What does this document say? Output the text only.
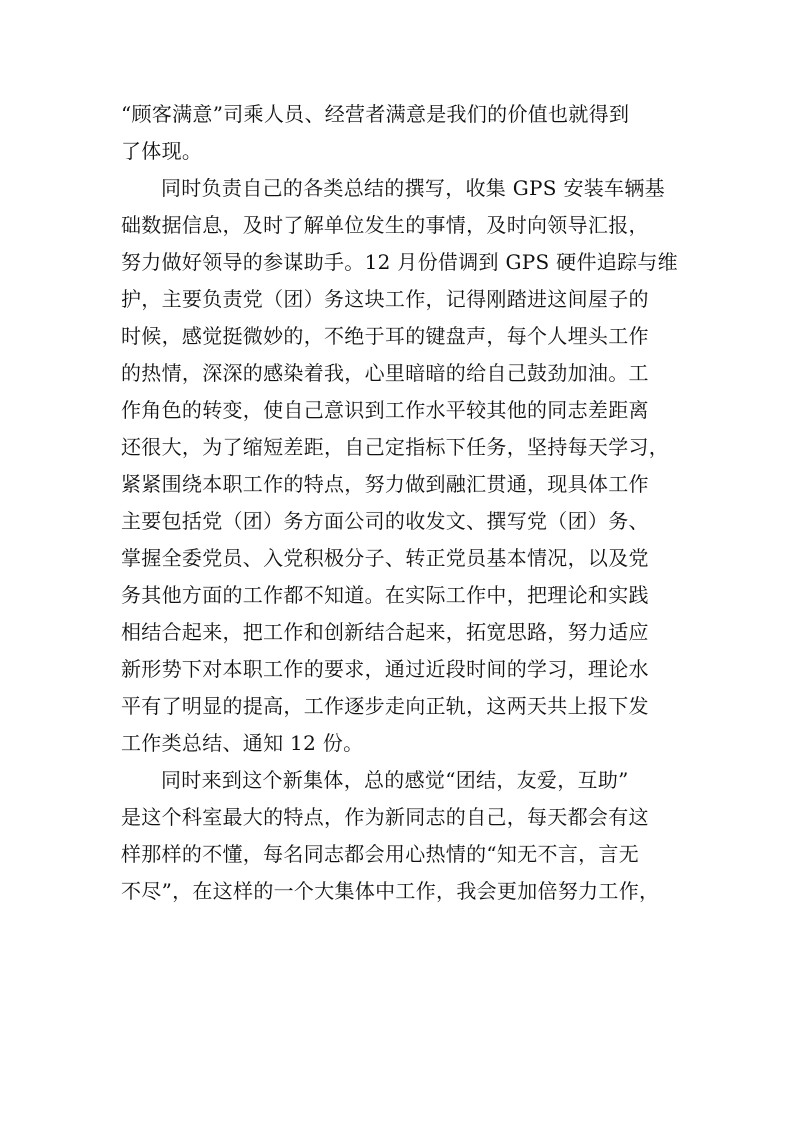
“顾客满意”司乘人员、经营者满意是我们的价值也就得到
了体现。
同时负责自己的各类总结的撰写，收集 GPS 安装车辆基
础数据信息，及时了解单位发生的事情，及时向领导汇报，
努力做好领导的参谋助手。12 月份借调到 GPS 硬件追踪与维
护，主要负责党（团）务这块工作，记得刚踏进这间屋子的
时候，感觉挺微妙的，不绝于耳的键盘声，每个人埋头工作
的热情，深深的感染着我，心里暗暗的给自己鼓劲加油。工
作角色的转变，使自己意识到工作水平较其他的同志差距离
还很大，为了缩短差距，自己定指标下任务，坚持每天学习，
紧紧围绕本职工作的特点，努力做到融汇贯通，现具体工作
主要包括党（团）务方面公司的收发文、撰写党（团）务、
掌握全委党员、入党积极分子、转正党员基本情况，以及党
务其他方面的工作都不知道。在实际工作中，把理论和实践
相结合起来，把工作和创新结合起来，拓宽思路，努力适应
新形势下对本职工作的要求，通过近段时间的学习，理论水
平有了明显的提高，工作逐步走向正轨，这两天共上报下发
工作类总结、通知 12 份。
同时来到这个新集体，总的感觉“团结，友爱，互助”
是这个科室最大的特点，作为新同志的自己，每天都会有这
样那样的不懂，每名同志都会用心热情的“知无不言，言无
不尽”，在这样的一个大集体中工作，我会更加倍努力工作，
